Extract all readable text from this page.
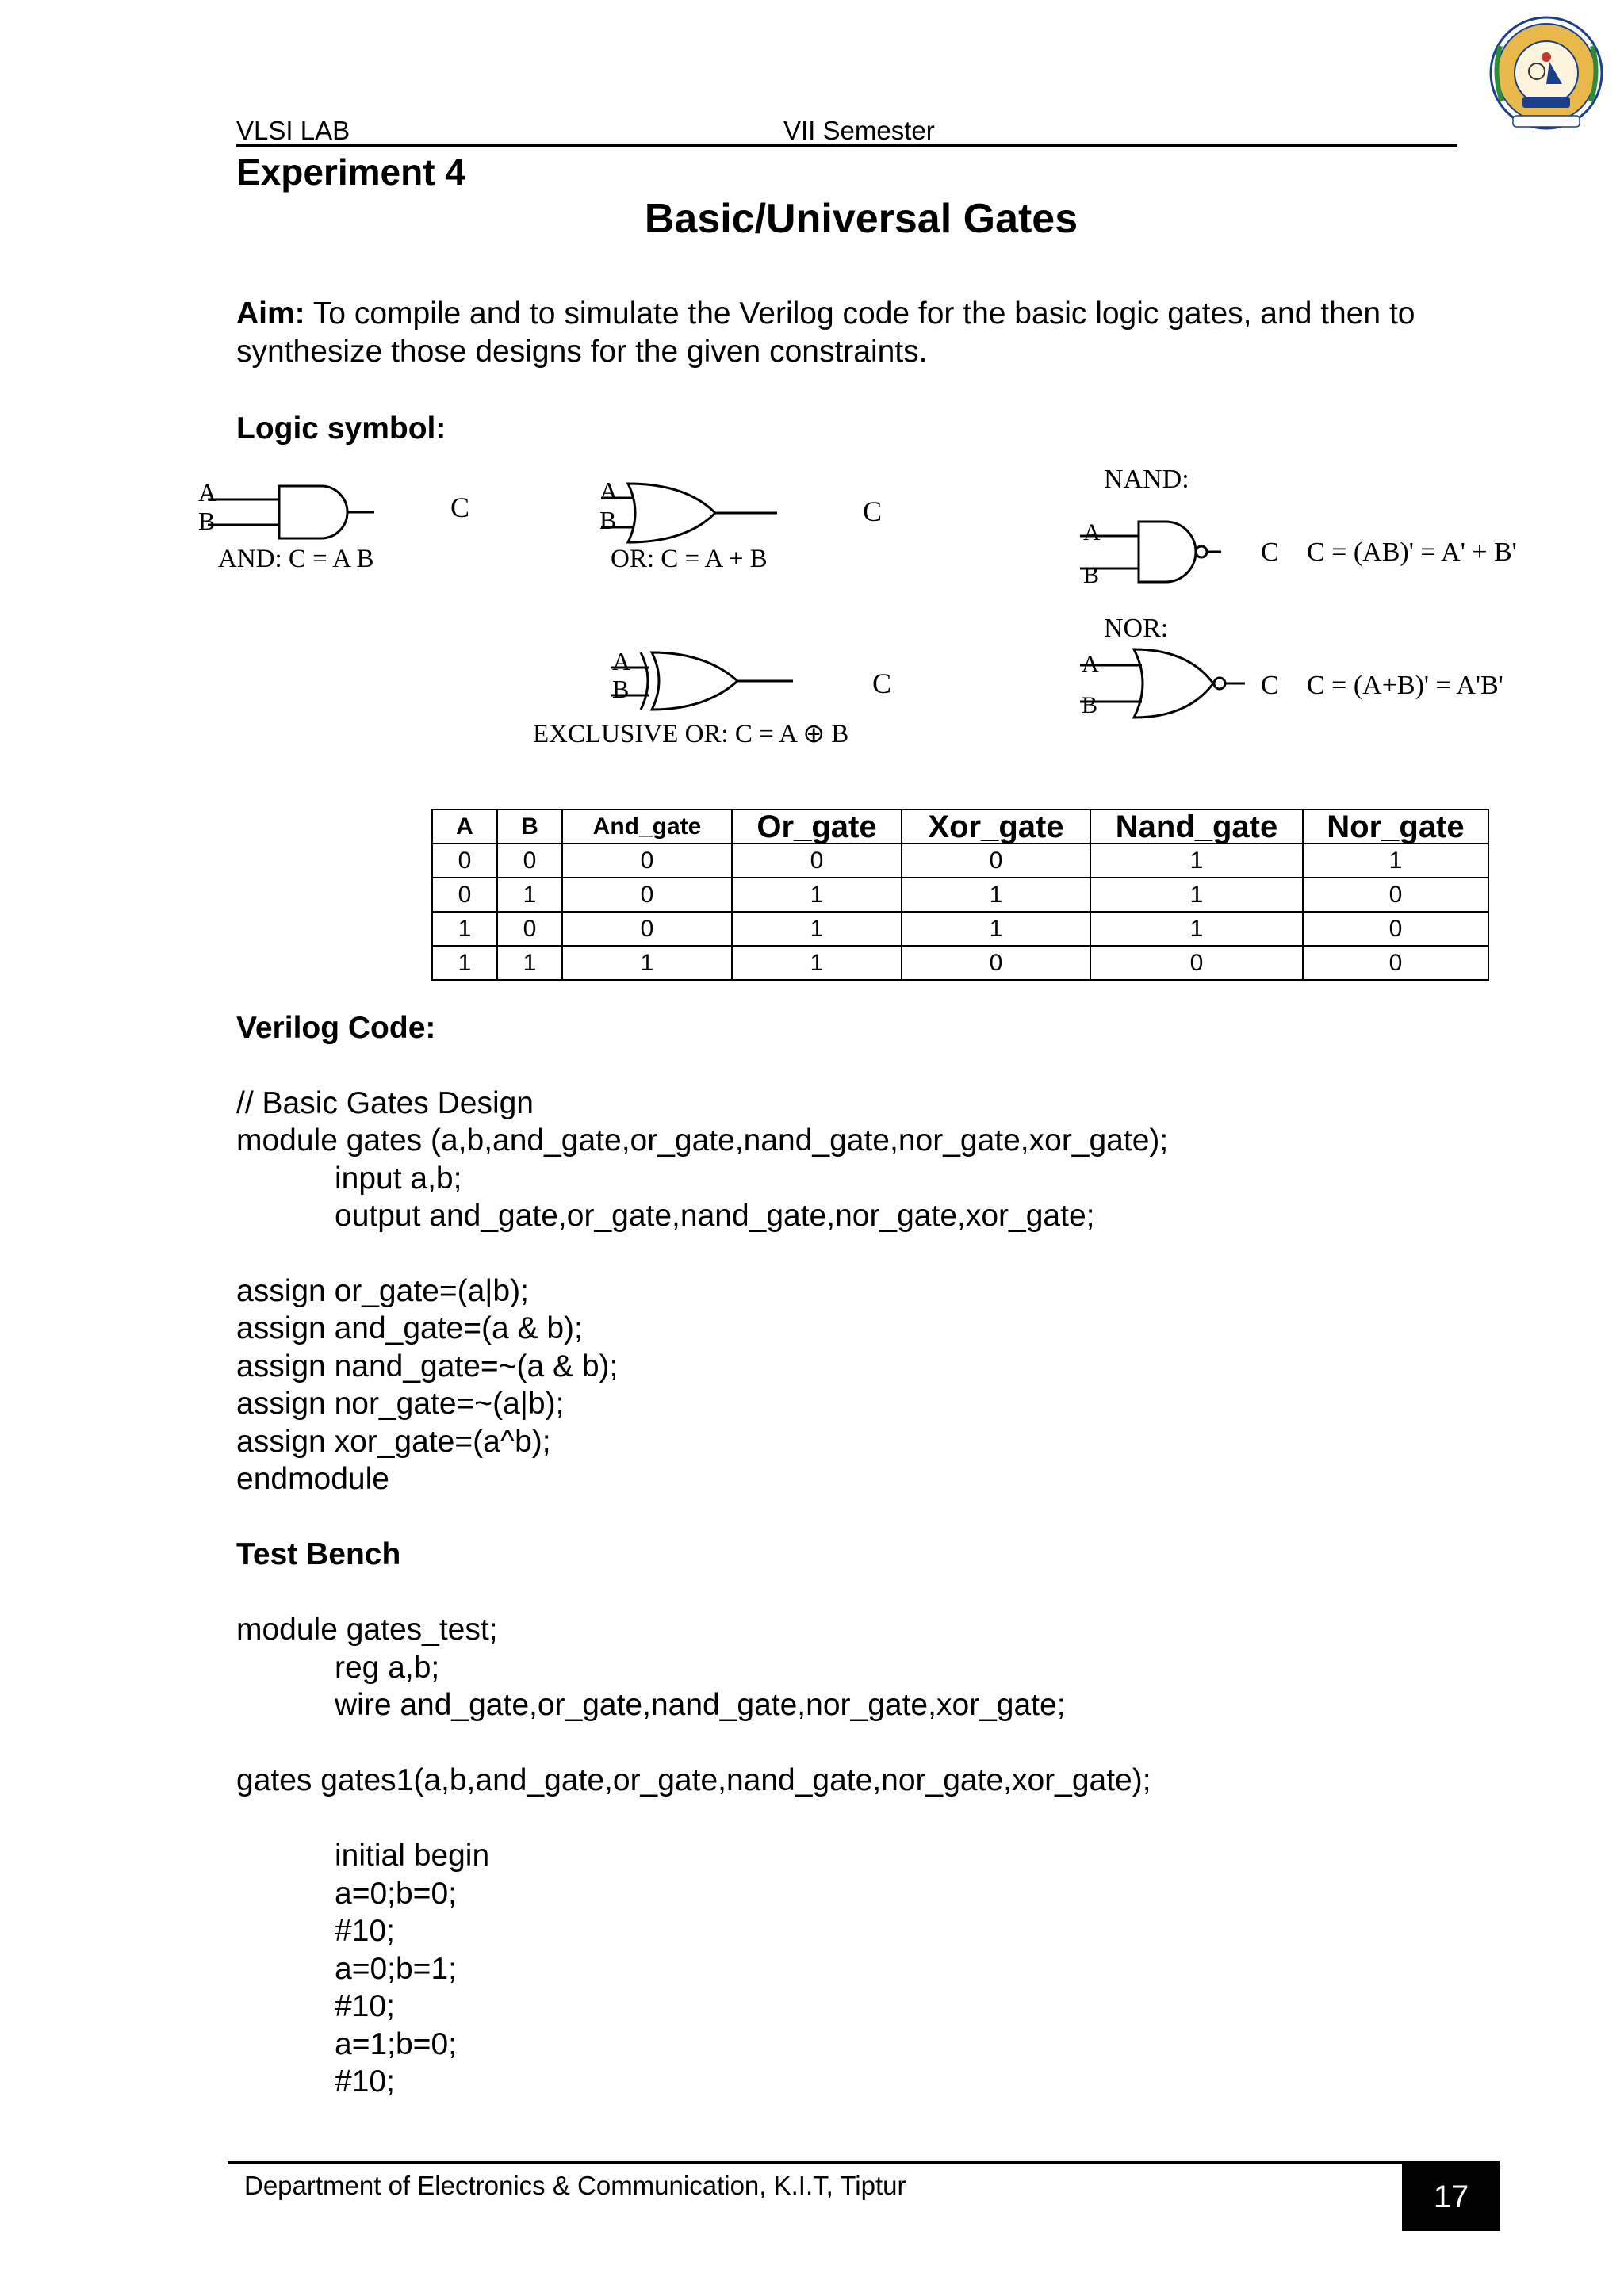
VLSI LAB	VII Semester
Experiment 4
Basic/Universal Gates
Aim: To compile and to simulate the Verilog code for the basic logic gates, and then to
synthesize those designs for the given constraints.
Logic symbol:
A
B	C
AND: C = A B
A
B	C
OR: C = A + B
A
B	C
EXCLUSIVE OR: C = A ⊕ B
NAND:
A
B
C C = (AB)' = A' + B'
NOR:
A
B
C C = (A+B)' = A'B'
A	B	And_gate	Or_gate	Xor_gate	Nand_gate	Nor_gate
0	0	0	0	0	1	1
0	1	0	1	1	1	0
1	0	0	1	1	1	0
1	1	1	1	0	0	0
Verilog Code:
// Basic Gates Design
module gates (a,b,and_gate,or_gate,nand_gate,nor_gate,xor_gate);
input a,b;
output and_gate,or_gate,nand_gate,nor_gate,xor_gate;
assign or_gate=(a|b);
assign and_gate=(a & b);
assign nand_gate=~(a & b);
assign nor_gate=~(a|b);
assign xor_gate=(a^b);
endmodule
Test Bench
module gates_test;
reg a,b;
wire and_gate,or_gate,nand_gate,nor_gate,xor_gate;
gates gates1(a,b,and_gate,or_gate,nand_gate,nor_gate,xor_gate);
initial begin
a=0;b=0;
#10;
a=0;b=1;
#10;
a=1;b=0;
#10;
Department of Electronics & Communication, K.I.T, Tiptur	17
